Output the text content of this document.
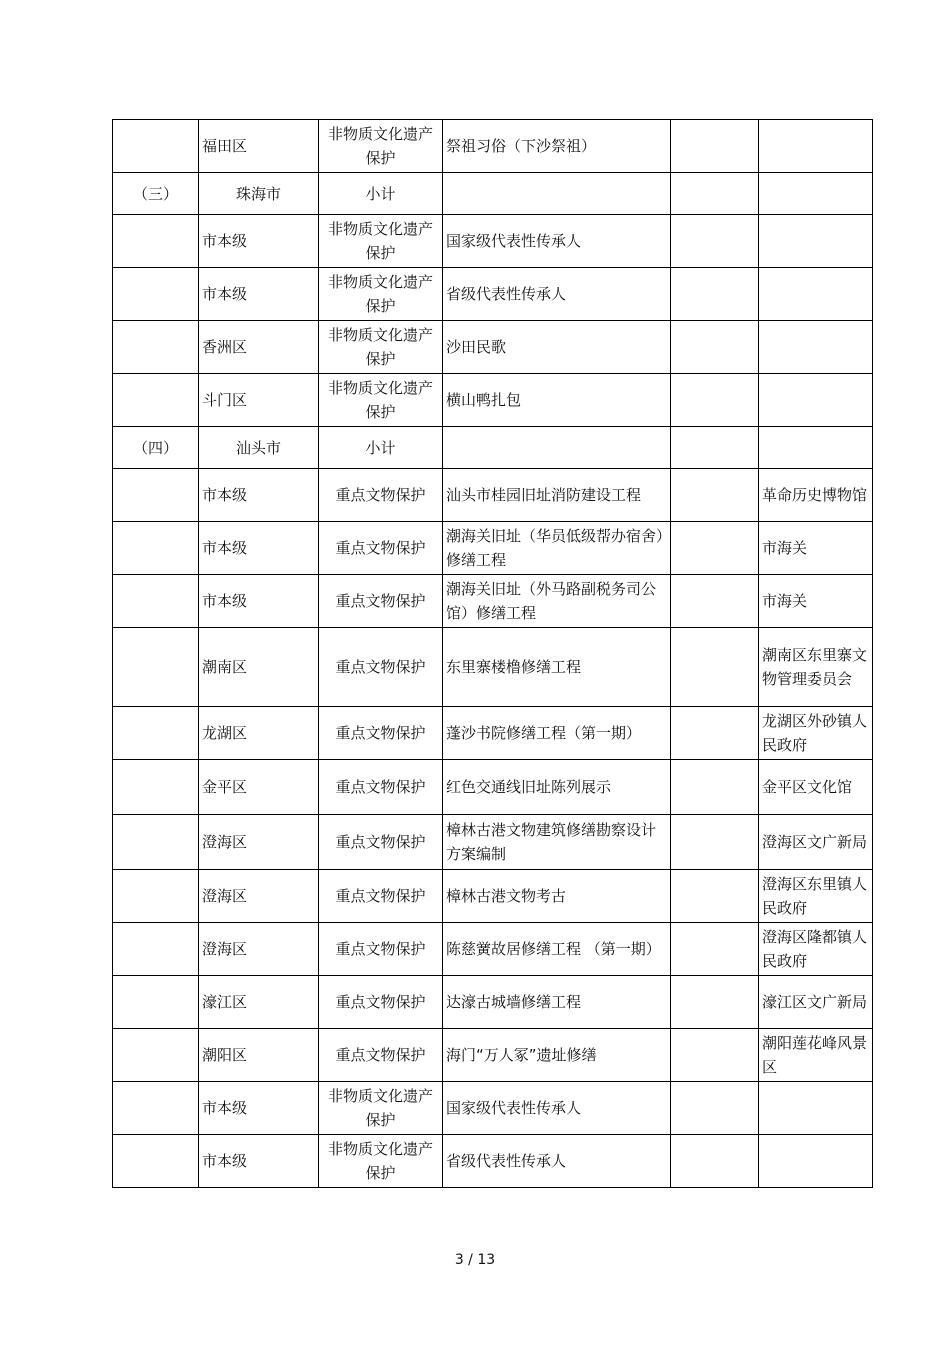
	福田区	非物质文化遗产保护	祭祖习俗（下沙祭祖）		
（三）	珠海市	小计			
	市本级	非物质文化遗产保护	国家级代表性传承人		
	市本级	非物质文化遗产保护	省级代表性传承人		
	香洲区	非物质文化遗产保护	沙田民歌		
	斗门区	非物质文化遗产保护	横山鸭扎包		
（四）	汕头市	小计			
	市本级	重点文物保护	汕头市桂园旧址消防建设工程		革命历史博物馆
	市本级	重点文物保护	潮海关旧址（华员低级帮办宿舍）修缮工程		市海关
	市本级	重点文物保护	潮海关旧址（外马路副税务司公馆）修缮工程		市海关
	潮南区	重点文物保护	东里寨楼橹修缮工程		潮南区东里寨文物管理委员会
	龙湖区	重点文物保护	蓬沙书院修缮工程（第一期）		龙湖区外砂镇人民政府
	金平区	重点文物保护	红色交通线旧址陈列展示		金平区文化馆
	澄海区	重点文物保护	樟林古港文物建筑修缮勘察设计方案编制		澄海区文广新局
	澄海区	重点文物保护	樟林古港文物考古		澄海区东里镇人民政府
	澄海区	重点文物保护	陈慈黉故居修缮工程 （第一期）		澄海区隆都镇人民政府
	濠江区	重点文物保护	达濠古城墙修缮工程		濠江区文广新局
	潮阳区	重点文物保护	海门“万人冢”遗址修缮		潮阳莲花峰风景区
	市本级	非物质文化遗产保护	国家级代表性传承人		
	市本级	非物质文化遗产保护	省级代表性传承人		
3 / 13
